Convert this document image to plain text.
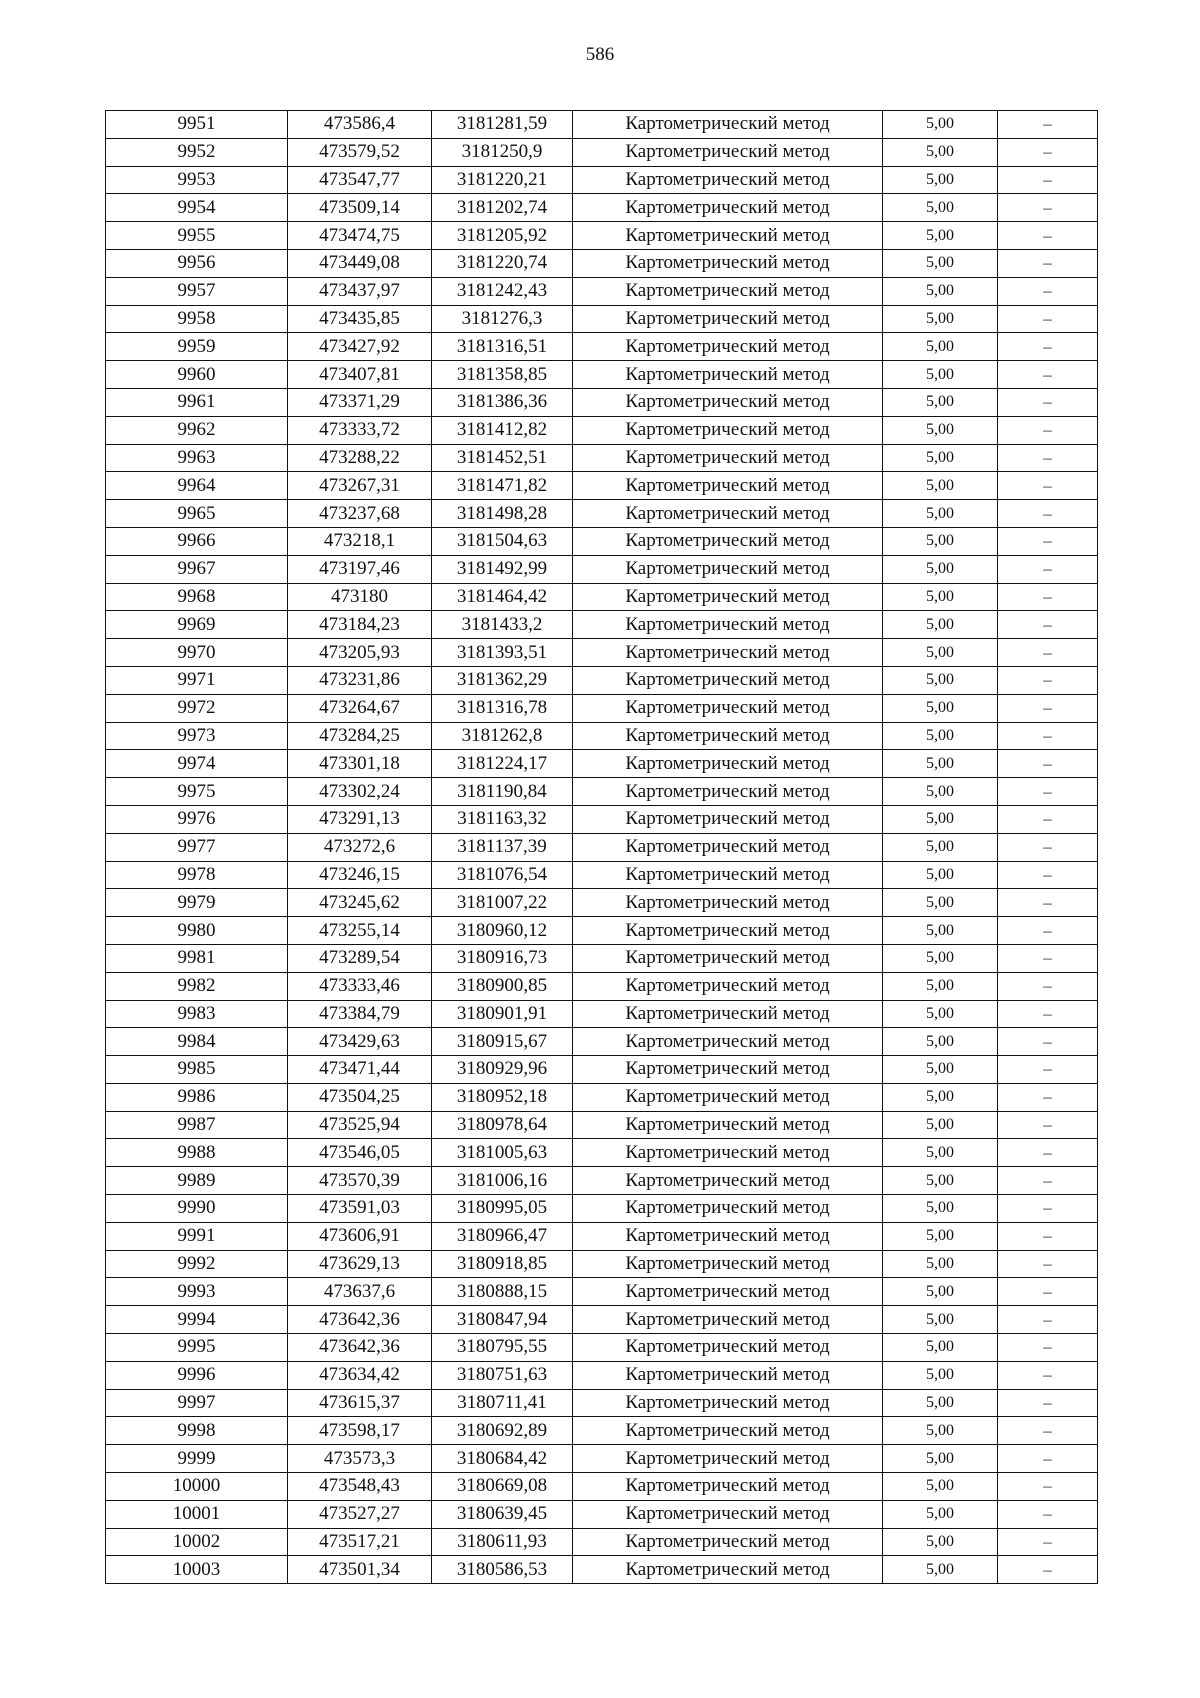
586
9951	473586,4	3181281,59	Картометрический метод	5,00	–
9952	473579,52	3181250,9	Картометрический метод	5,00	–
9953	473547,77	3181220,21	Картометрический метод	5,00	–
9954	473509,14	3181202,74	Картометрический метод	5,00	–
9955	473474,75	3181205,92	Картометрический метод	5,00	–
9956	473449,08	3181220,74	Картометрический метод	5,00	–
9957	473437,97	3181242,43	Картометрический метод	5,00	–
9958	473435,85	3181276,3	Картометрический метод	5,00	–
9959	473427,92	3181316,51	Картометрический метод	5,00	–
9960	473407,81	3181358,85	Картометрический метод	5,00	–
9961	473371,29	3181386,36	Картометрический метод	5,00	–
9962	473333,72	3181412,82	Картометрический метод	5,00	–
9963	473288,22	3181452,51	Картометрический метод	5,00	–
9964	473267,31	3181471,82	Картометрический метод	5,00	–
9965	473237,68	3181498,28	Картометрический метод	5,00	–
9966	473218,1	3181504,63	Картометрический метод	5,00	–
9967	473197,46	3181492,99	Картометрический метод	5,00	–
9968	473180	3181464,42	Картометрический метод	5,00	–
9969	473184,23	3181433,2	Картометрический метод	5,00	–
9970	473205,93	3181393,51	Картометрический метод	5,00	–
9971	473231,86	3181362,29	Картометрический метод	5,00	–
9972	473264,67	3181316,78	Картометрический метод	5,00	–
9973	473284,25	3181262,8	Картометрический метод	5,00	–
9974	473301,18	3181224,17	Картометрический метод	5,00	–
9975	473302,24	3181190,84	Картометрический метод	5,00	–
9976	473291,13	3181163,32	Картометрический метод	5,00	–
9977	473272,6	3181137,39	Картометрический метод	5,00	–
9978	473246,15	3181076,54	Картометрический метод	5,00	–
9979	473245,62	3181007,22	Картометрический метод	5,00	–
9980	473255,14	3180960,12	Картометрический метод	5,00	–
9981	473289,54	3180916,73	Картометрический метод	5,00	–
9982	473333,46	3180900,85	Картометрический метод	5,00	–
9983	473384,79	3180901,91	Картометрический метод	5,00	–
9984	473429,63	3180915,67	Картометрический метод	5,00	–
9985	473471,44	3180929,96	Картометрический метод	5,00	–
9986	473504,25	3180952,18	Картометрический метод	5,00	–
9987	473525,94	3180978,64	Картометрический метод	5,00	–
9988	473546,05	3181005,63	Картометрический метод	5,00	–
9989	473570,39	3181006,16	Картометрический метод	5,00	–
9990	473591,03	3180995,05	Картометрический метод	5,00	–
9991	473606,91	3180966,47	Картометрический метод	5,00	–
9992	473629,13	3180918,85	Картометрический метод	5,00	–
9993	473637,6	3180888,15	Картометрический метод	5,00	–
9994	473642,36	3180847,94	Картометрический метод	5,00	–
9995	473642,36	3180795,55	Картометрический метод	5,00	–
9996	473634,42	3180751,63	Картометрический метод	5,00	–
9997	473615,37	3180711,41	Картометрический метод	5,00	–
9998	473598,17	3180692,89	Картометрический метод	5,00	–
9999	473573,3	3180684,42	Картометрический метод	5,00	–
10000	473548,43	3180669,08	Картометрический метод	5,00	–
10001	473527,27	3180639,45	Картометрический метод	5,00	–
10002	473517,21	3180611,93	Картометрический метод	5,00	–
10003	473501,34	3180586,53	Картометрический метод	5,00	–
